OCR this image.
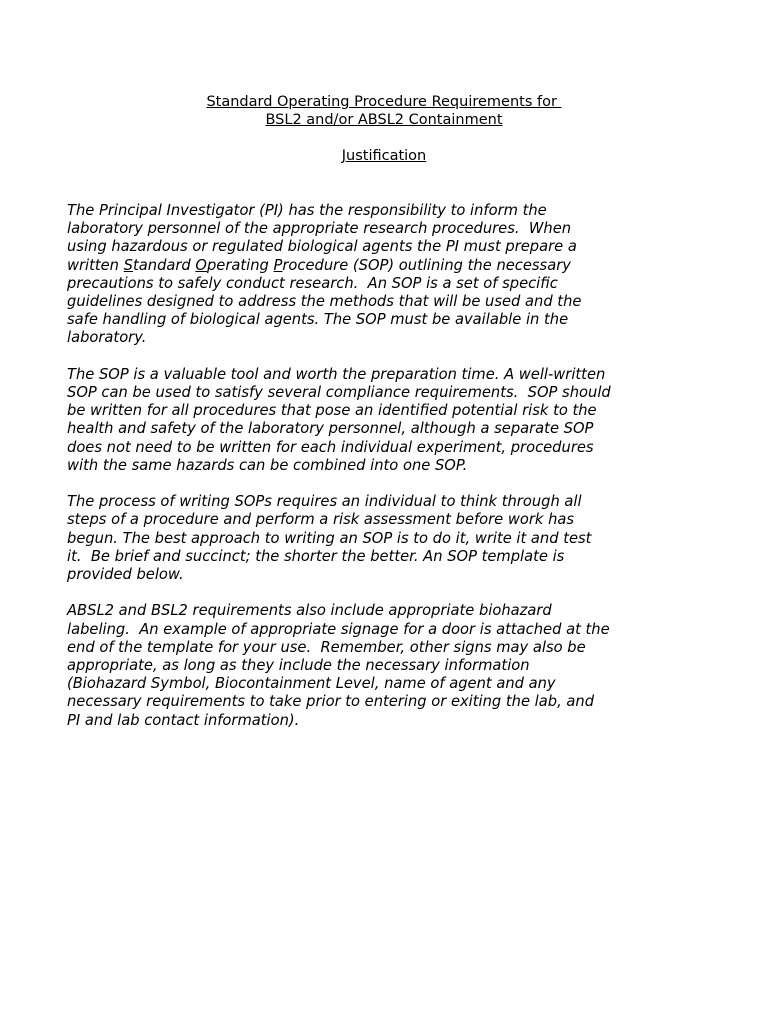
Standard Operating Procedure Requirements for
BSL2 and/or ABSL2 Containment
Justification

The Principal Investigator (PI) has the responsibility to inform the
laboratory personnel of the appropriate research procedures.  When
using hazardous or regulated biological agents the PI must prepare a
written Standard Operating Procedure (SOP) outlining the necessary
precautions to safely conduct research.  An SOP is a set of specific
guidelines designed to address the methods that will be used and the
safe handling of biological agents. The SOP must be available in the
laboratory.

The SOP is a valuable tool and worth the preparation time. A well-written
SOP can be used to satisfy several compliance requirements.  SOP should
be written for all procedures that pose an identified potential risk to the
health and safety of the laboratory personnel, although a separate SOP
does not need to be written for each individual experiment, procedures
with the same hazards can be combined into one SOP.

The process of writing SOPs requires an individual to think through all
steps of a procedure and perform a risk assessment before work has
begun. The best approach to writing an SOP is to do it, write it and test
it.  Be brief and succinct; the shorter the better. An SOP template is
provided below.

ABSL2 and BSL2 requirements also include appropriate biohazard
labeling.  An example of appropriate signage for a door is attached at the
end of the template for your use.  Remember, other signs may also be
appropriate, as long as they include the necessary information
(Biohazard Symbol, Biocontainment Level, name of agent and any
necessary requirements to take prior to entering or exiting the lab, and
PI and lab contact information).
